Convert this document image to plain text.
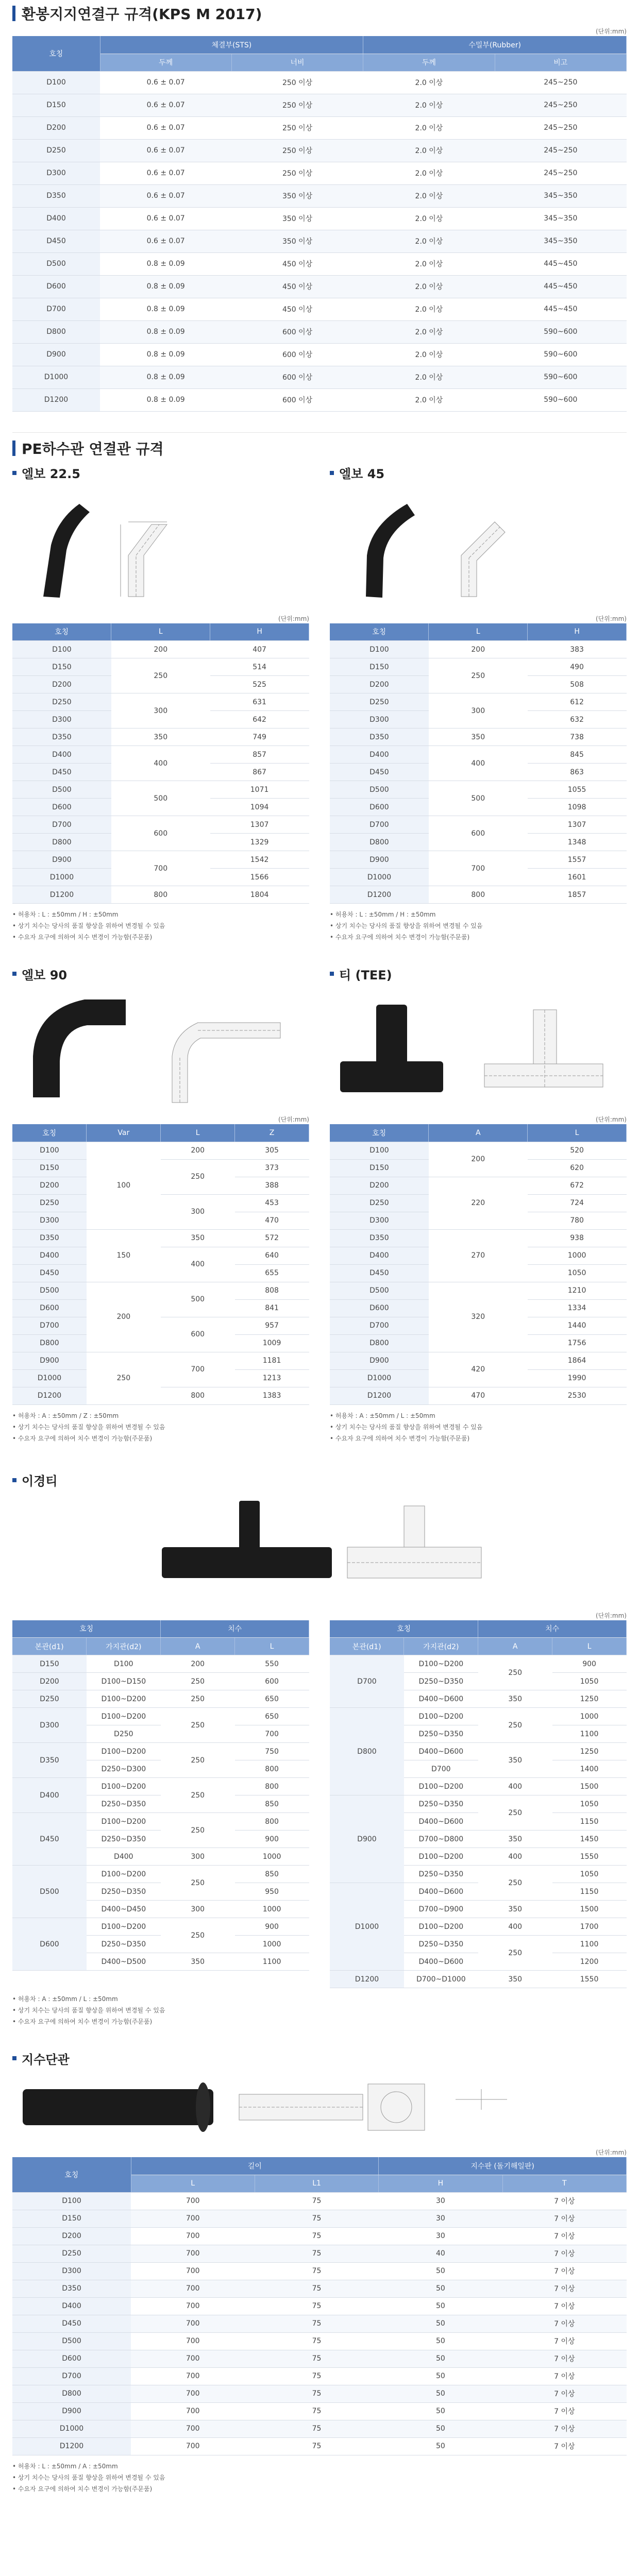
환봉지지연결구 규격(KPS M 2017)
(단위:mm)
호칭	체결부(STS)		수밀부(Rubber)	
	두께	너비	두께	비고
D100	0.6 ± 0.07	250 이상	2.0 이상	245~250
D150	0.6 ± 0.07	250 이상	2.0 이상	245~250
D200	0.6 ± 0.07	250 이상	2.0 이상	245~250
D250	0.6 ± 0.07	250 이상	2.0 이상	245~250
D300	0.6 ± 0.07	250 이상	2.0 이상	245~250
D350	0.6 ± 0.07	350 이상	2.0 이상	345~350
D400	0.6 ± 0.07	350 이상	2.0 이상	345~350
D450	0.6 ± 0.07	350 이상	2.0 이상	345~350
D500	0.8 ± 0.09	450 이상	2.0 이상	445~450
D600	0.8 ± 0.09	450 이상	2.0 이상	445~450
D700	0.8 ± 0.09	450 이상	2.0 이상	445~450
D800	0.8 ± 0.09	600 이상	2.0 이상	590~600
D900	0.8 ± 0.09	600 이상	2.0 이상	590~600
D1000	0.8 ± 0.09	600 이상	2.0 이상	590~600
D1200	0.8 ± 0.09	600 이상	2.0 이상	590~600
PE하수관 연결관 규격
엘보 22.5
(단위:mm)
호칭	L	H
D100	200	407
D150	250	514
D200		525
D250	300	631
D300		642
D350	350	749
D400	400	857
D450		867
D500	500	1071
D600		1094
D700	600	1307
D800		1329
D900	700	1542
D1000		1566
D1200	800	1804
• 허용차 : L : ±50mm / H : ±50mm
• 상기 치수는 당사의 품질 향상을 위하여 변경될 수 있음
• 수요자 요구에 의하여 치수 변경이 가능함(주문품)
엘보 45
(단위:mm)
호칭	L	H
D100	200	383
D150	250	490
D200		508
D250	300	612
D300		632
D350	350	738
D400	400	845
D450		863
D500	500	1055
D600		1098
D700	600	1307
D800		1348
D900	700	1557
D1000		1601
D1200	800	1857
• 허용차 : L : ±50mm / H : ±50mm
• 상기 치수는 당사의 품질 향상을 위하여 변경될 수 있음
• 수요자 요구에 의하여 치수 변경이 가능함(주문품)
엘보 90
(단위:mm)
호칭	Var	L	Z
D100	100	200	305
D150		250	373
D200			388
D250		300	453
D300			470
D350	150	350	572
D400		400	640
D450			655
D500	200	500	808
D600			841
D700		600	957
D800			1009
D900	250	700	1181
D1000			1213
D1200		800	1383
• 허용차 : A : ±50mm / Z : ±50mm
• 상기 치수는 당사의 품질 향상을 위하여 변경될 수 있음
• 수요자 요구에 의하여 치수 변경이 가능함(주문품)
티 (TEE)
(단위:mm)
호칭	A	L
D100	200	520
D150		620
D200	220	672
D250		724
D300		780
D350	270	938
D400		1000
D450		1050
D500	320	1210
D600		1334
D700		1440
D800		1756
D900	420	1864
D1000		1990
D1200	470	2530
• 허용차 : A : ±50mm / L : ±50mm
• 상기 치수는 당사의 품질 향상을 위하여 변경될 수 있음
• 수요자 요구에 의하여 치수 변경이 가능함(주문품)
이경티
(단위:mm)
호칭		치수	
본관(d1)	가지관(d2)	A	L
D150	D100	200	550
D200	D100~D150	250	600
D250	D100~D200	250	650
D300	D100~D200	250	650
	D250		700
D350	D100~D200	250	750
	D250~D300		800
D400	D100~D200	250	800
	D250~D350		850
D450	D100~D200	250	800
	D250~D350		900
	D400	300	1000
D500	D100~D200	250	850
	D250~D350		950
	D400~D450	300	1000
D600	D100~D200	250	900
	D250~D350		1000
	D400~D500	350	1100
호칭		치수	
본관(d1)	가지관(d2)	A	L
D700	D100~D200	250	900
	D250~D350		1050
	D400~D600	350	1250
D800	D100~D200	250	1000
	D250~D350		1100
	D400~D600	350	1250
	D700		1400
	D100~D200	400	1500
D900	D250~D350	250	1050
	D400~D600		1150
	D700~D800	350	1450
	D100~D200	400	1550
	D250~D350	250	1050
D1000	D400~D600		1150
	D700~D900	350	1500
	D100~D200	400	1700
	D250~D350	250	1100
	D400~D600		1200
D1200	D700~D1000	350	1550
• 허용차 : A : ±50mm / L : ±50mm
• 상기 치수는 당사의 품질 향상을 위하여 변경될 수 있음
• 수요자 요구에 의하여 치수 변경이 가능함(주문품)
지수단관
(단위:mm)
호칭	길이		지수판 (돌기해일판)	
	L	L1	H	T
D100	700	75	30	7 이상
D150	700	75	30	7 이상
D200	700	75	30	7 이상
D250	700	75	40	7 이상
D300	700	75	50	7 이상
D350	700	75	50	7 이상
D400	700	75	50	7 이상
D450	700	75	50	7 이상
D500	700	75	50	7 이상
D600	700	75	50	7 이상
D700	700	75	50	7 이상
D800	700	75	50	7 이상
D900	700	75	50	7 이상
D1000	700	75	50	7 이상
D1200	700	75	50	7 이상
• 허용차 : L : ±50mm / A : ±50mm
• 상기 치수는 당사의 품질 향상을 위하여 변경될 수 있음
• 수요자 요구에 의하여 치수 변경이 가능함(주문품)
